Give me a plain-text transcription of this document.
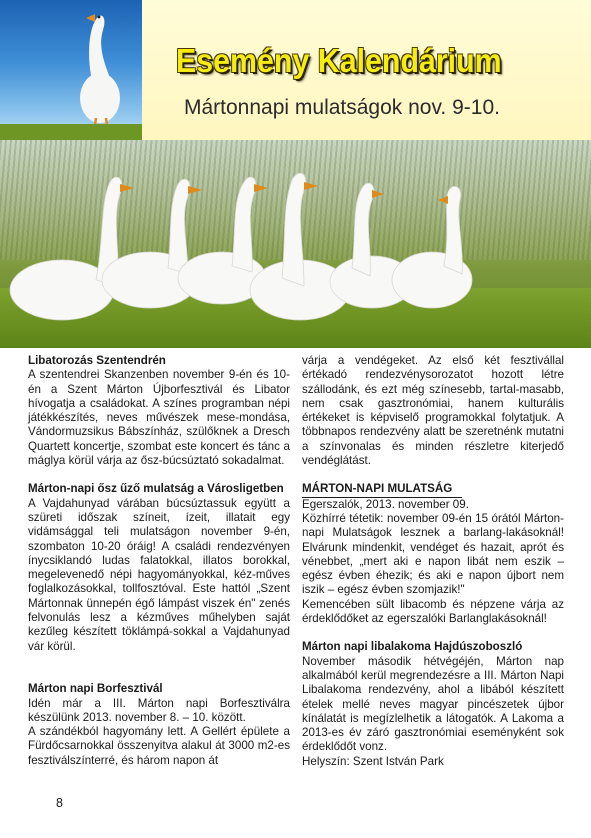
Esemény Kalendárium

Mártonnapi mulatságok nov. 9-10.

Libatorozás Szentendrén
A szentendrei Skanzenben november 9-én és 10-én a Szent Márton Újborfesztivál és Libator hívogatja a családokat. A színes programban népi játékkészítés, neves művészek mese-mondása, Vándormuzsikus Bábszínház, szülőknek a Dresch Quartett koncertje, szombat este koncert és tánc a máglya körül várja az ősz-búcsúztató sokadalmat.

Márton-napi ősz űző mulatság a Városligetben
A Vajdahunyad várában búcsúztassuk együtt a szüreti időszak színeit, ízeit, illatait egy vidámsággal teli mulatságon november 9-én, szombaton 10-20 óráig! A családi rendezvényen ínycsiklandó ludas falatokkal, illatos borokkal, megelevenedő népi hagyományokkal, kéz-műves foglalkozásokkal, tollfosztóval. Este hattól „Szent Mártonnak ünnepén égő lámpást viszek én" zenés felvonulás lesz a kézműves műhelyben saját kezűleg készített töklámpá-sokkal a Vajdahunyad vár körül.

Márton napi Borfesztivál
Idén már a III. Márton napi Borfesztiválra készülünk 2013. november 8. – 10. között.
A szándékból hagyomány lett. A Gellért épülete a Fürdőcsarnokkal összenyitva alakul át 3000 m2-es fesztiválszínterré, és három napon át

várja a vendégeket. Az első két fesztivállal értékadó rendezvénysorozatot hozott létre szállodánk, és ezt még színesebb, tartal-masabb, nem csak gasztronómiai, hanem kulturális értékeket is képviselő programokkal folytatjuk. A többnapos rendezvény alatt be szeretnénk mutatni a színvonalas és minden részletre kiterjedő vendéglátást.

MÁRTON-NAPI MULATSÁG
Egerszalók, 2013. november 09.
Közhírré tétetik: november 09-én 15 órától Márton-napi Mulatságok lesznek a barlang-lakásoknál! Elvárunk mindenkit, vendéget és hazait, aprót és vénebbet, „mert aki e napon libát nem eszik – egész évben éhezik; és aki e napon újbort nem iszik – egész évben szomjazik!"
Kemencében sült libacomb és népzene várja az érdeklődőket az egerszalóki Barlanglakásoknál!

Márton napi libalakoma Hajdúszoboszló
November második hétvégéjén, Márton nap alkalmából kerül megrendezésre a III. Márton Napi Libalakoma rendezvény, ahol a libából készített ételek mellé neves magyar pincészetek újbor kínálatát is megízlelhetik a látogatók. A Lakoma a 2013-es év záró gasztronómiai eseményként sok érdeklődőt vonz.
Helyszín: Szent István Park

8
